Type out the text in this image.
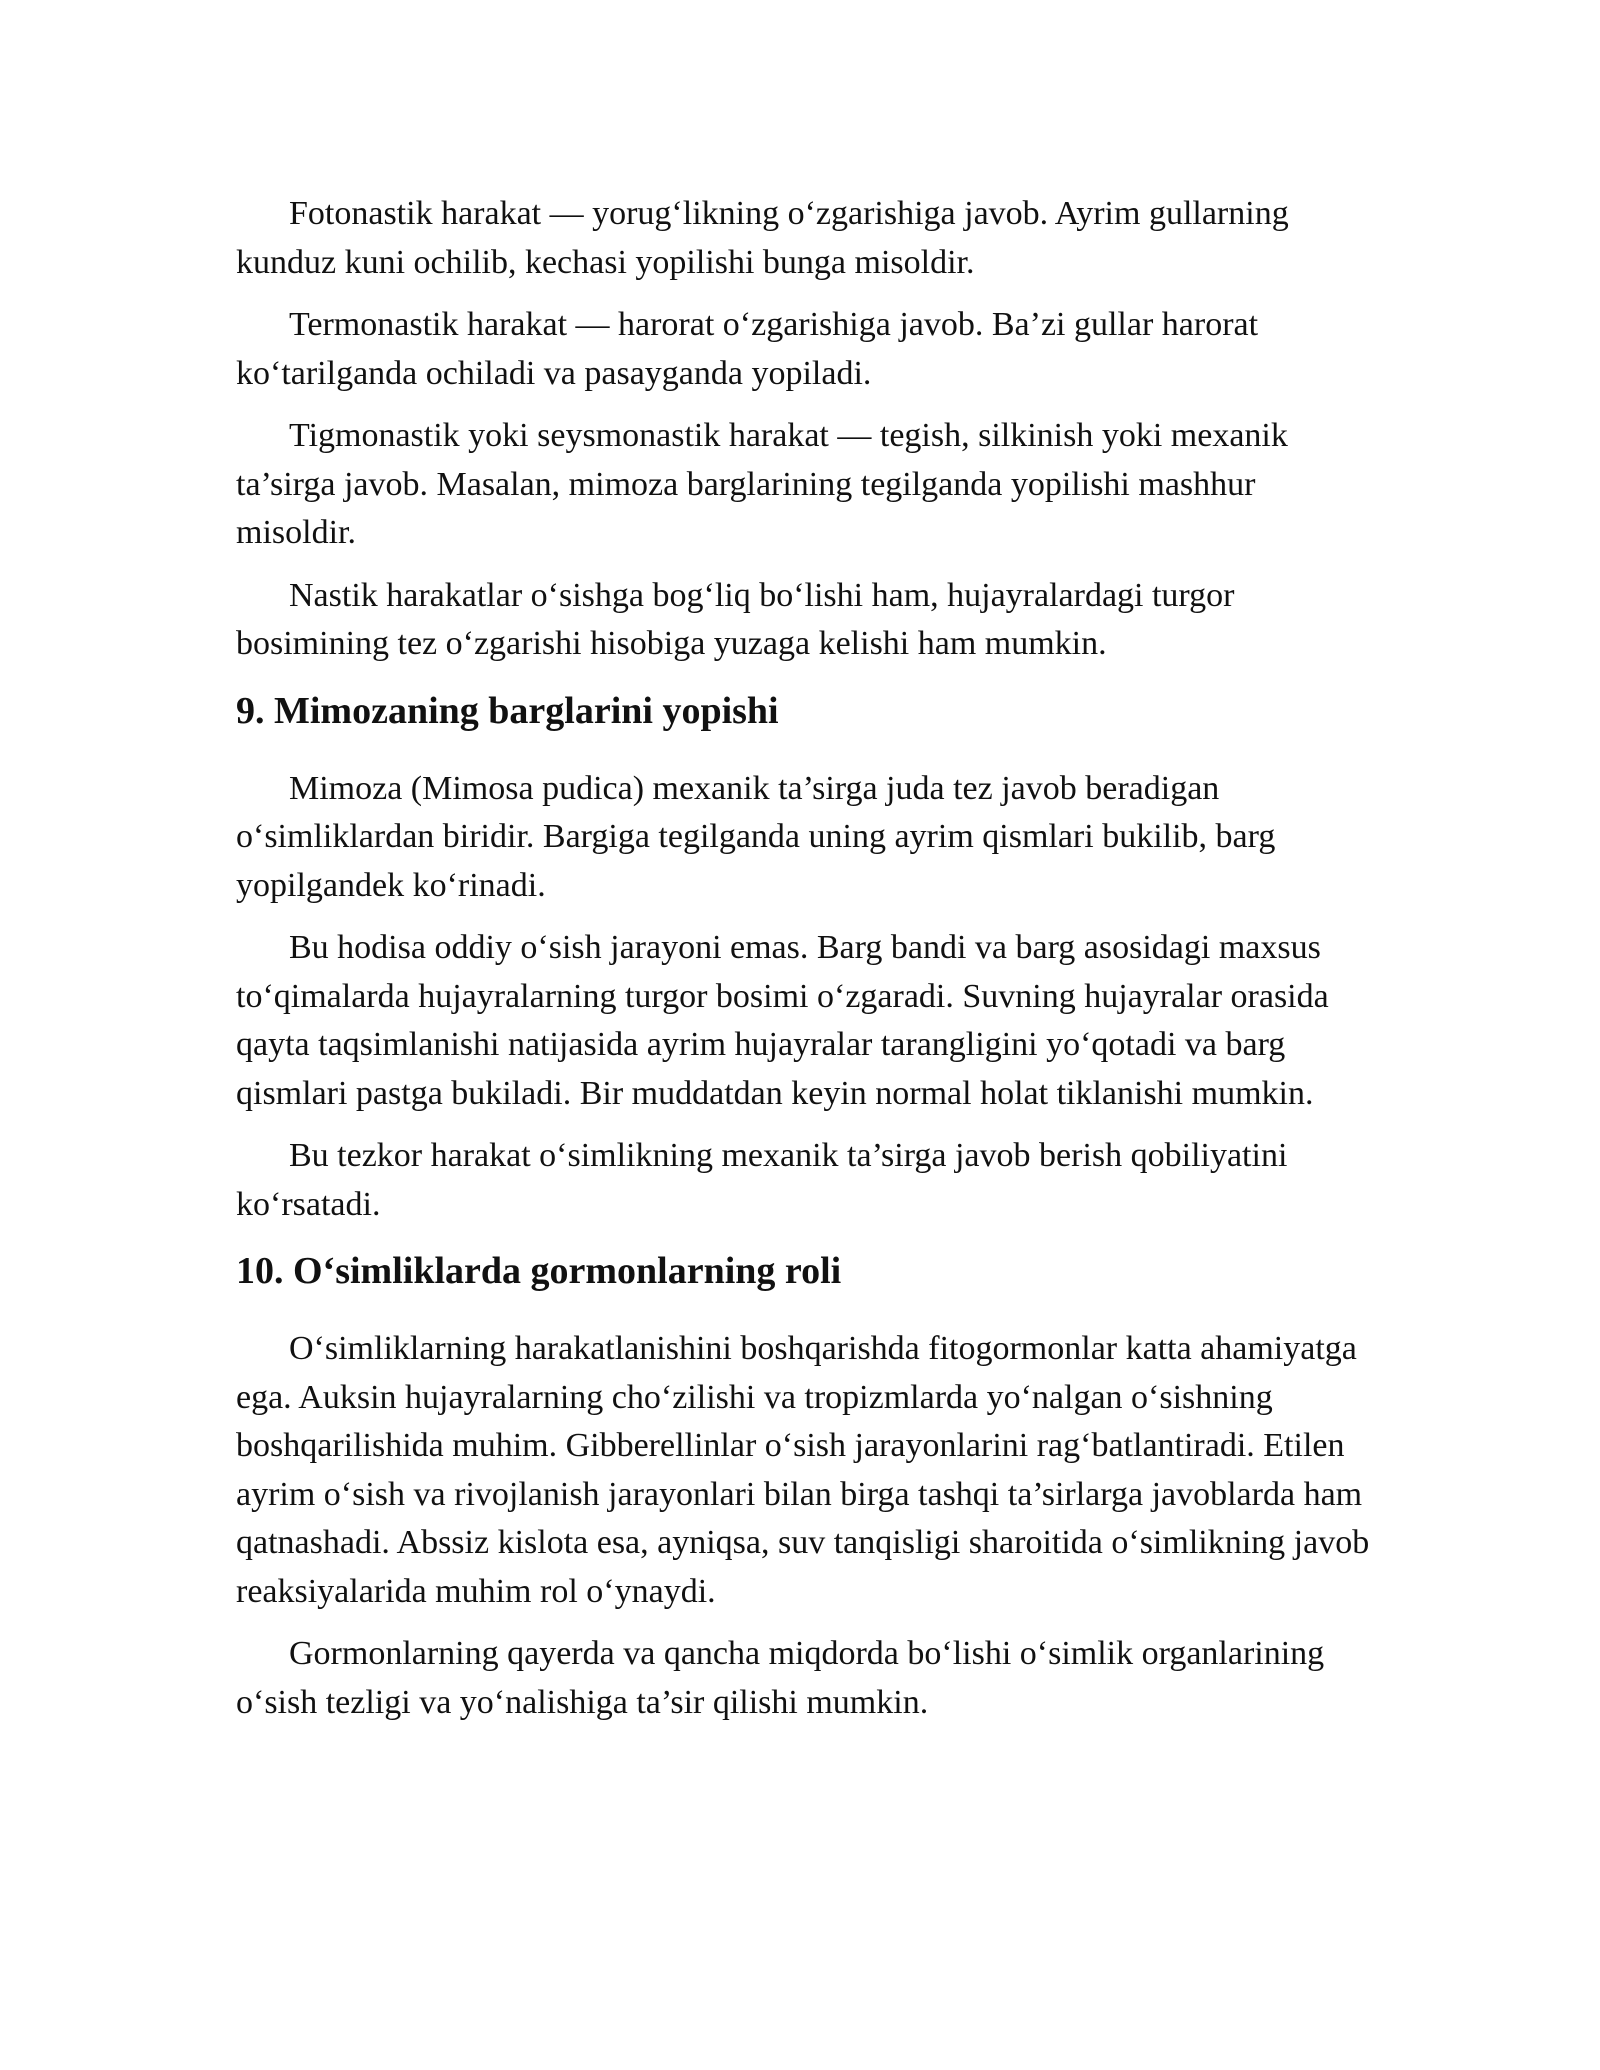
Fotonastik harakat — yorug‘likning o‘zgarishiga javob. Ayrim gullarning kunduz kuni ochilib, kechasi yopilishi bunga misoldir.

Termonastik harakat — harorat o‘zgarishiga javob. Ba’zi gullar harorat ko‘tarilganda ochiladi va pasayganda yopiladi.

Tigmonastik yoki seysmonastik harakat — tegish, silkinish yoki mexanik ta’sirga javob. Masalan, mimoza barglarining tegilganda yopilishi mashhur misoldir.

Nastik harakatlar o‘sishga bog‘liq bo‘lishi ham, hujayralardagi turgor bosimining tez o‘zgarishi hisobiga yuzaga kelishi ham mumkin.

9. Mimozaning barglarini yopishi

Mimoza (Mimosa pudica) mexanik ta’sirga juda tez javob beradigan o‘simliklardan biridir. Bargiga tegilganda uning ayrim qismlari bukilib, barg yopilgandek ko‘rinadi.

Bu hodisa oddiy o‘sish jarayoni emas. Barg bandi va barg asosidagi maxsus to‘qimalarda hujayralarning turgor bosimi o‘zgaradi. Suvning hujayralar orasida qayta taqsimlanishi natijasida ayrim hujayralar tarangligini yo‘qotadi va barg qismlari pastga bukiladi. Bir muddatdan keyin normal holat tiklanishi mumkin.

Bu tezkor harakat o‘simlikning mexanik ta’sirga javob berish qobiliyatini ko‘rsatadi.

10. O‘simliklarda gormonlarning roli

O‘simliklarning harakatlanishini boshqarishda fitogormonlar katta ahamiyatga ega. Auksin hujayralarning cho‘zilishi va tropizmlarda yo‘nalgan o‘sishning boshqarilishida muhim. Gibberellinlar o‘sish jarayonlarini rag‘batlantiradi. Etilen ayrim o‘sish va rivojlanish jarayonlari bilan birga tashqi ta’sirlarga javoblarda ham qatnashadi. Abssiz kislota esa, ayniqsa, suv tanqisligi sharoitida o‘simlikning javob reaksiyalarida muhim rol o‘ynaydi.

Gormonlarning qayerda va qancha miqdorda bo‘lishi o‘simlik organlarining o‘sish tezligi va yo‘nalishiga ta’sir qilishi mumkin.
